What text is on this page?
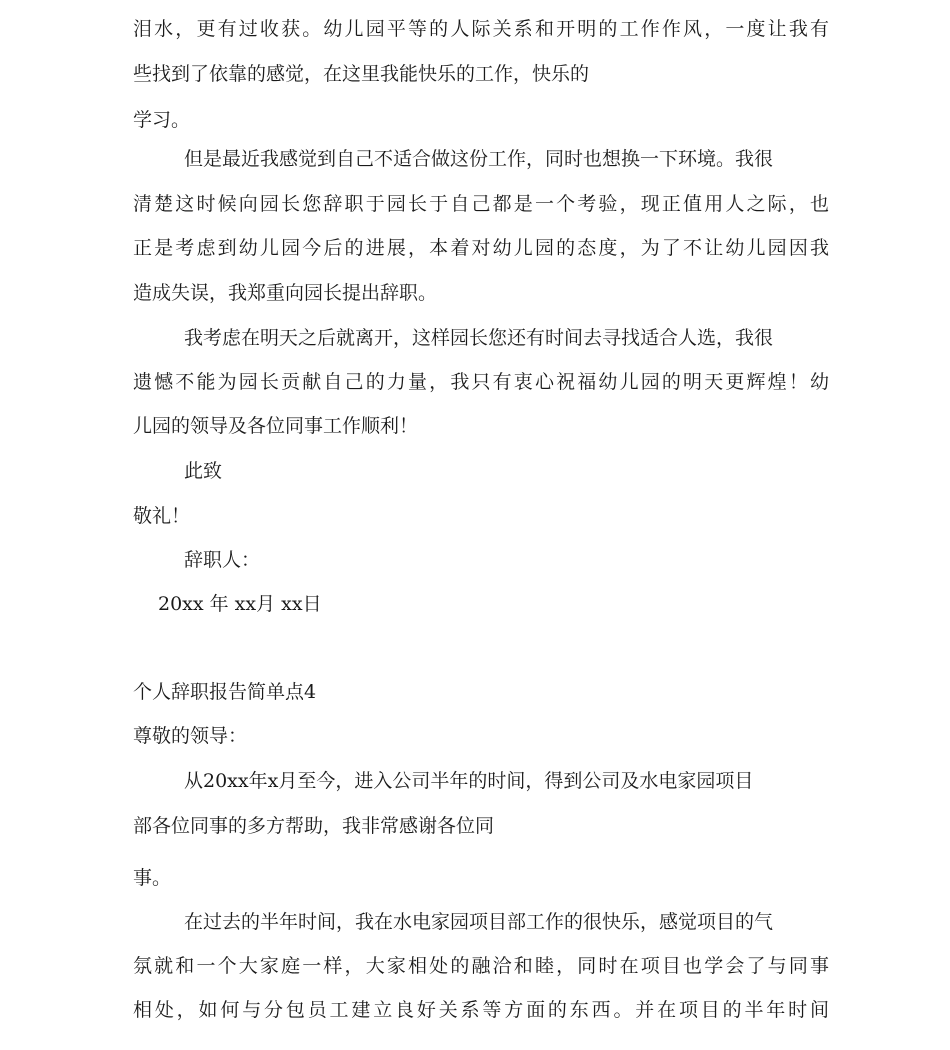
泪水，更有过收获。幼儿园平等的人际关系和开明的工作作风，一度让我有
些找到了依靠的感觉，在这里我能快乐的工作，快乐的
学习。
但是最近我感觉到自己不适合做这份工作，同时也想换一下环境。我很
清楚这时候向园长您辞职于园长于自己都是一个考验，现正值用人之际，也
正是考虑到幼儿园今后的进展，本着对幼儿园的态度，为了不让幼儿园因我
造成失误，我郑重向园长提出辞职。
我考虑在明天之后就离开，这样园长您还有时间去寻找适合人选，我很
遗憾不能为园长贡献自己的力量，我只有衷心祝福幼儿园的明天更辉煌！幼
儿园的领导及各位同事工作顺利！
此致
敬礼！
辞职人：
20xx 年 xx月 xx日
个人辞职报告简单点4
尊敬的领导：
从20xx年x月至今，进入公司半年的时间，得到公司及水电家园项目
部各位同事的多方帮助，我非常感谢各位同
事。
在过去的半年时间，我在水电家园项目部工作的很快乐，感觉项目的气
氛就和一个大家庭一样，大家相处的融洽和睦，同时在项目也学会了与同事
相处，如何与分包员工建立良好关系等方面的东西。并在项目的半年时间
